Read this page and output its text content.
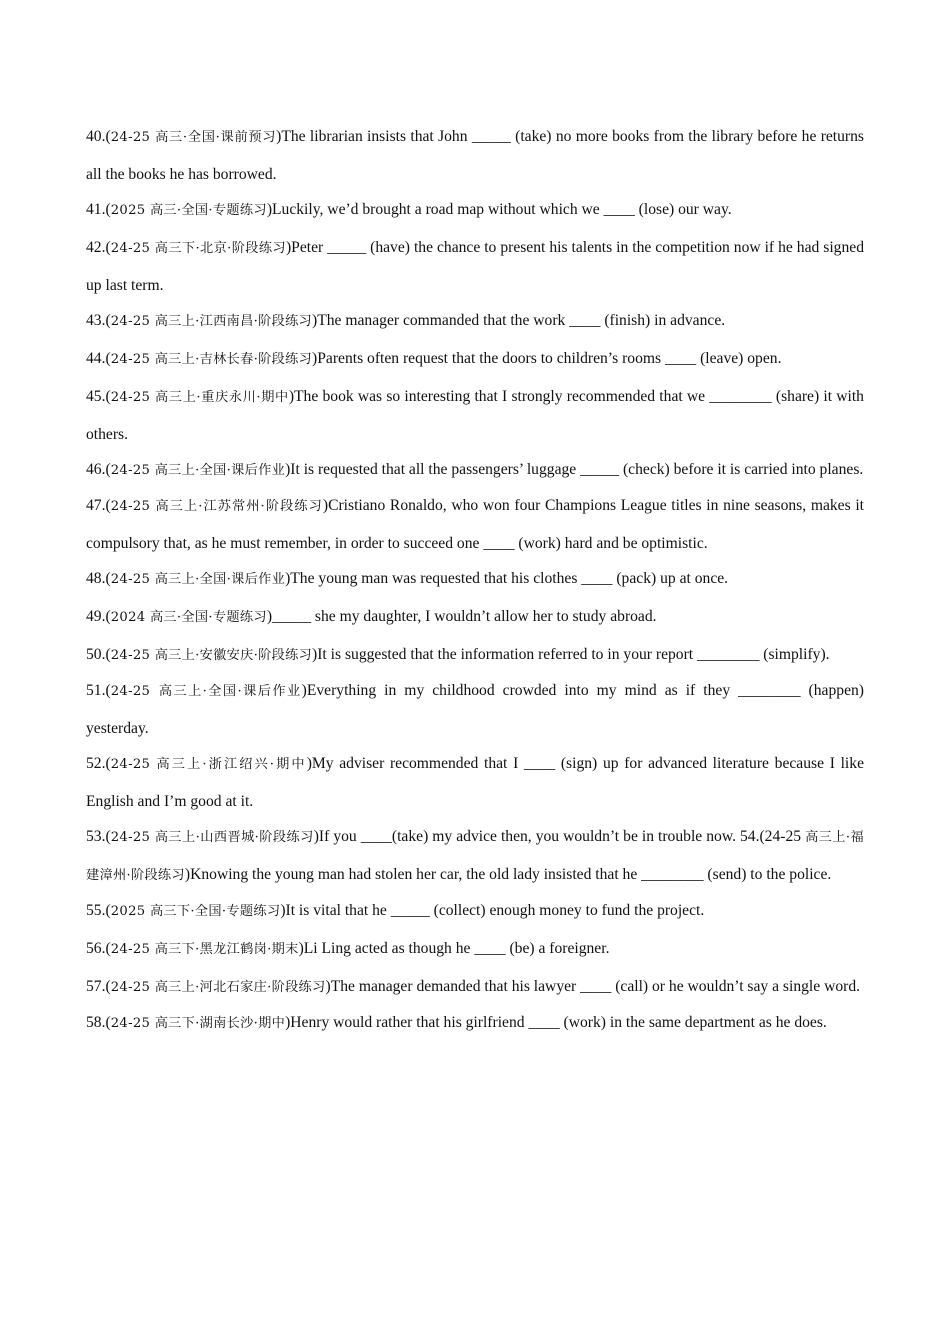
40.(24-25 高三·全国·课前预习)The librarian insists that John _____ (take) no more books from the library before he returns all the books he has borrowed.

41.(2025 高三·全国·专题练习)Luckily, we’d brought a road map without which we ____ (lose) our way.

42.(24-25 高三下·北京·阶段练习)Peter _____ (have) the chance to present his talents in the competition now if he had signed up last term.

43.(24-25 高三上·江西南昌·阶段练习)The manager commanded that the work ____ (finish) in advance.

44.(24-25 高三上·吉林长春·阶段练习)Parents often request that the doors to children’s rooms ____ (leave) open.

45.(24-25 高三上·重庆永川·期中)The book was so interesting that I strongly recommended that we ________ (share) it with others.

46.(24-25 高三上·全国·课后作业)It is requested that all the passengers’ luggage _____ (check) before it is carried into planes.

47.(24-25 高三上·江苏常州·阶段练习)Cristiano Ronaldo, who won four Champions League titles in nine seasons, makes it compulsory that, as he must remember, in order to succeed one ____ (work) hard and be optimistic.

48.(24-25 高三上·全国·课后作业)The young man was requested that his clothes ____ (pack) up at once.

49.(2024 高三·全国·专题练习)_____ she my daughter, I wouldn’t allow her to study abroad.

50.(24-25 高三上·安徽安庆·阶段练习)It is suggested that the information referred to in your report ________ (simplify).

51.(24-25 高三上·全国·课后作业)Everything in my childhood crowded into my mind as if they ________ (happen) yesterday.

52.(24-25 高三上·浙江绍兴·期中)My adviser recommended that I ____ (sign) up for advanced literature because I like English and I’m good at it.

53.(24-25 高三上·山西晋城·阶段练习)If you ____(take) my advice then, you wouldn’t be in trouble now. 54.(24-25 高三上·福建漳州·阶段练习)Knowing the young man had stolen her car, the old lady insisted that he ________ (send) to the police.

55.(2025 高三下·全国·专题练习)It is vital that he _____ (collect) enough money to fund the project.

56.(24-25 高三下·黑龙江鹤岗·期末)Li Ling acted as though he ____ (be) a foreigner.

57.(24-25 高三上·河北石家庄·阶段练习)The manager demanded that his lawyer ____ (call) or he wouldn’t say a single word.

58.(24-25 高三下·湖南长沙·期中)Henry would rather that his girlfriend ____ (work) in the same department as he does.
